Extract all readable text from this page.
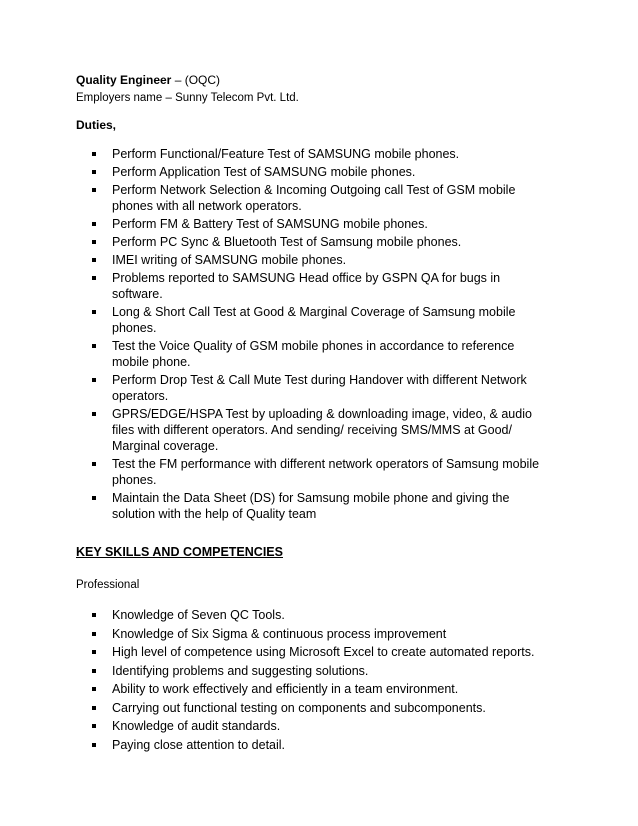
Quality Engineer – (OQC)
Employers name – Sunny Telecom Pvt. Ltd.
Duties,
Perform Functional/Feature Test of SAMSUNG mobile phones.
Perform Application Test of SAMSUNG mobile phones.
Perform Network Selection & Incoming Outgoing call Test of GSM mobile phones with all network operators.
Perform FM & Battery Test of SAMSUNG mobile phones.
Perform PC Sync & Bluetooth Test of Samsung mobile phones.
IMEI writing of SAMSUNG mobile phones.
Problems reported to SAMSUNG Head office by GSPN QA for bugs in software.
Long & Short Call Test at Good & Marginal Coverage of Samsung mobile phones.
Test the Voice Quality of GSM mobile phones in accordance to reference mobile phone.
Perform Drop Test & Call Mute Test during Handover with different Network operators.
GPRS/EDGE/HSPA Test by uploading & downloading image, video, & audio files with different operators. And sending/ receiving SMS/MMS at Good/ Marginal coverage.
Test the FM performance with different network operators of Samsung mobile phones.
Maintain the Data Sheet (DS) for Samsung mobile phone and giving the solution with the help of Quality team
KEY SKILLS AND COMPETENCIES
Professional
Knowledge of Seven QC Tools.
Knowledge of Six Sigma & continuous process improvement
High level of competence using Microsoft Excel to create automated reports.
Identifying problems and suggesting solutions.
Ability to work effectively and efficiently in a team environment.
Carrying out functional testing on components and subcomponents.
Knowledge of audit standards.
Paying close attention to detail.
